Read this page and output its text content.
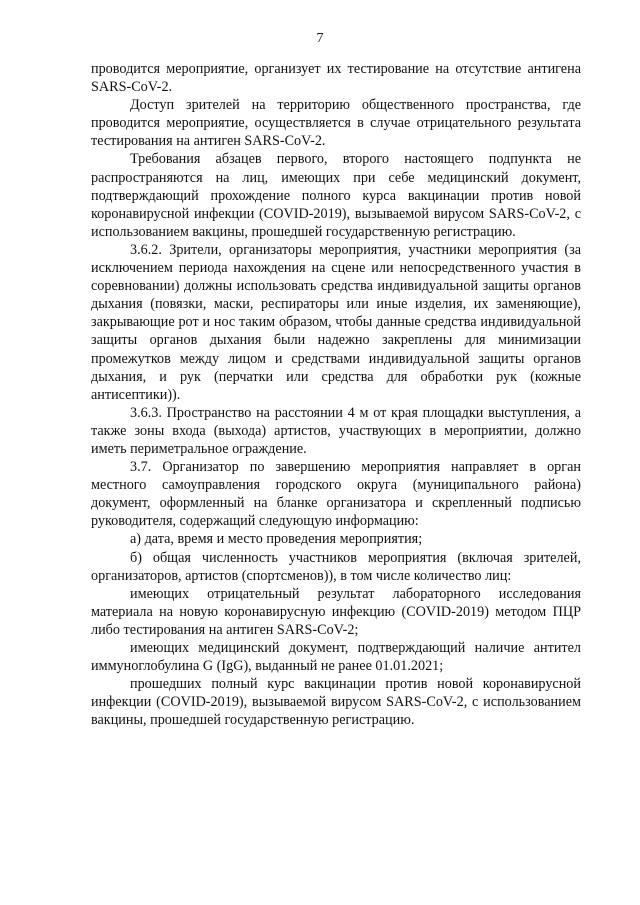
7

проводится мероприятие, организует их тестирование на отсутствие антигена SARS-CoV-2.

Доступ зрителей на территорию общественного пространства, где проводится мероприятие, осуществляется в случае отрицательного результата тестирования на антиген SARS-CoV-2.

Требования абзацев первого, второго настоящего подпункта не распространяются на лиц, имеющих при себе медицинский документ, подтверждающий прохождение полного курса вакцинации против новой коронавирусной инфекции (COVID-2019), вызываемой вирусом SARS-CoV-2, с использованием вакцины, прошедшей государственную регистрацию.

3.6.2. Зрители, организаторы мероприятия, участники мероприятия (за исключением периода нахождения на сцене или непосредственного участия в соревновании) должны использовать средства индивидуальной защиты органов дыхания (повязки, маски, респираторы или иные изделия, их заменяющие), закрывающие рот и нос таким образом, чтобы данные средства индивидуальной защиты органов дыхания были надежно закреплены для минимизации промежутков между лицом и средствами индивидуальной защиты органов дыхания, и рук (перчатки или средства для обработки рук (кожные антисептики)).

3.6.3. Пространство на расстоянии 4 м от края площадки выступления, а также зоны входа (выхода) артистов, участвующих в мероприятии, должно иметь периметральное ограждение.

3.7. Организатор по завершению мероприятия направляет в орган местного самоуправления городского округа (муниципального района) документ, оформленный на бланке организатора и скрепленный подписью руководителя, содержащий следующую информацию:

а) дата, время и место проведения мероприятия;

б) общая численность участников мероприятия (включая зрителей, организаторов, артистов (спортсменов)), в том числе количество лиц:

имеющих отрицательный результат лабораторного исследования материала на новую коронавирусную инфекцию (COVID-2019) методом ПЦР либо тестирования на антиген SARS-CoV-2;

имеющих медицинский документ, подтверждающий наличие антител иммуноглобулина G (IgG), выданный не ранее 01.01.2021;

прошедших полный курс вакцинации против новой коронавирусной инфекции (COVID-2019), вызываемой вирусом SARS-CoV-2, с использованием вакцины, прошедшей государственную регистрацию.
